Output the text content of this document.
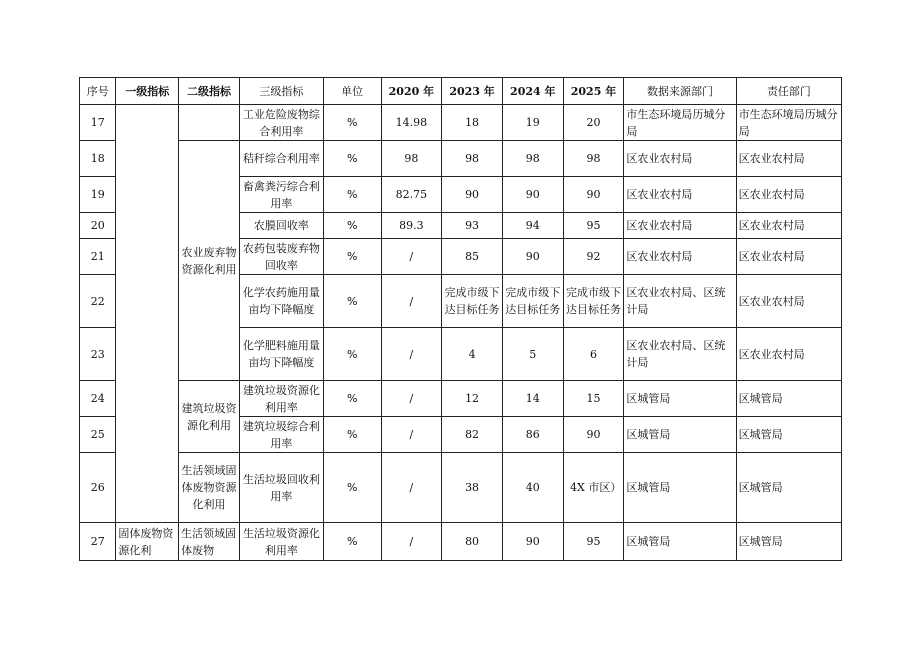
序号	一级指标	二级指标	三级指标	单位	2020 年	2023 年	2024 年	2025 年	数据来源部门	责任部门
17			工业危险废物综合利用率	%	14.98	18	19	20	市生态环境局历城分局	市生态环境局历城分局
18		农业废弃物资源化利用	秸秆综合利用率	%	98	98	98	98	区农业农村局	区农业农村局
19			畜禽粪污综合利用率	%	82.75	90	90	90	区农业农村局	区农业农村局
20			农膜回收率	%	89.3	93	94	95	区农业农村局	区农业农村局
21			农药包装废弃物回收率	%	/	85	90	92	区农业农村局	区农业农村局
22			化学农药施用量亩均下降幅度	%	/	完成市级下达目标任务	完成市级下达目标任务	完成市级下达目标任务	区农业农村局、区统计局	区农业农村局
23			化学肥料施用量亩均下降幅度	%	/	4	5	6	区农业农村局、区统计局	区农业农村局
24		建筑垃圾资源化利用	建筑垃圾资源化利用率	%	/	12	14	15	区城管局	区城管局
25			建筑垃圾综合利用率	%	/	82	86	90	区城管局	区城管局
26		生活领域固体废物资源化利用	生活垃圾回收利用率	%	/	38	40	4X 市区）	区城管局	区城管局
27	固体废物资源化利	生活领域固体废物	生活垃圾资源化利用率	%	/	80	90	95	区城管局	区城管局
